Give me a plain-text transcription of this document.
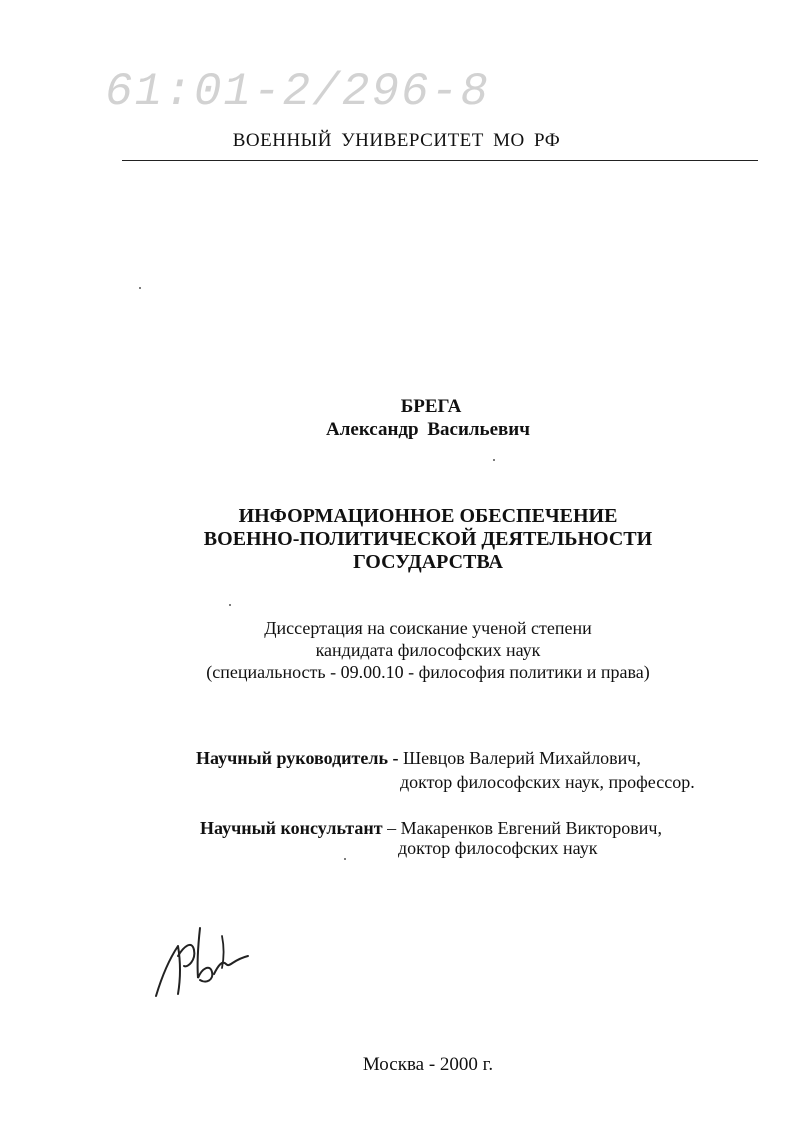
61:01-2/296-8
ВОЕННЫЙ УНИВЕРСИТЕТ МО РФ
БРЕГА
Александр Васильевич
ИНФОРМАЦИОННОЕ ОБЕСПЕЧЕНИЕ
ВОЕННО-ПОЛИТИЧЕСКОЙ ДЕЯТЕЛЬНОСТИ
ГОСУДАРСТВА
Диссертация на соискание ученой степени
кандидата философских наук
(специальность - 09.00.10 - философия политики и права)
Научный руководитель - Шевцов Валерий Михайлович,
доктор философских наук, профессор.
Научный консультант – Макаренков Евгений Викторович,
доктор философских наук
Москва - 2000 г.
